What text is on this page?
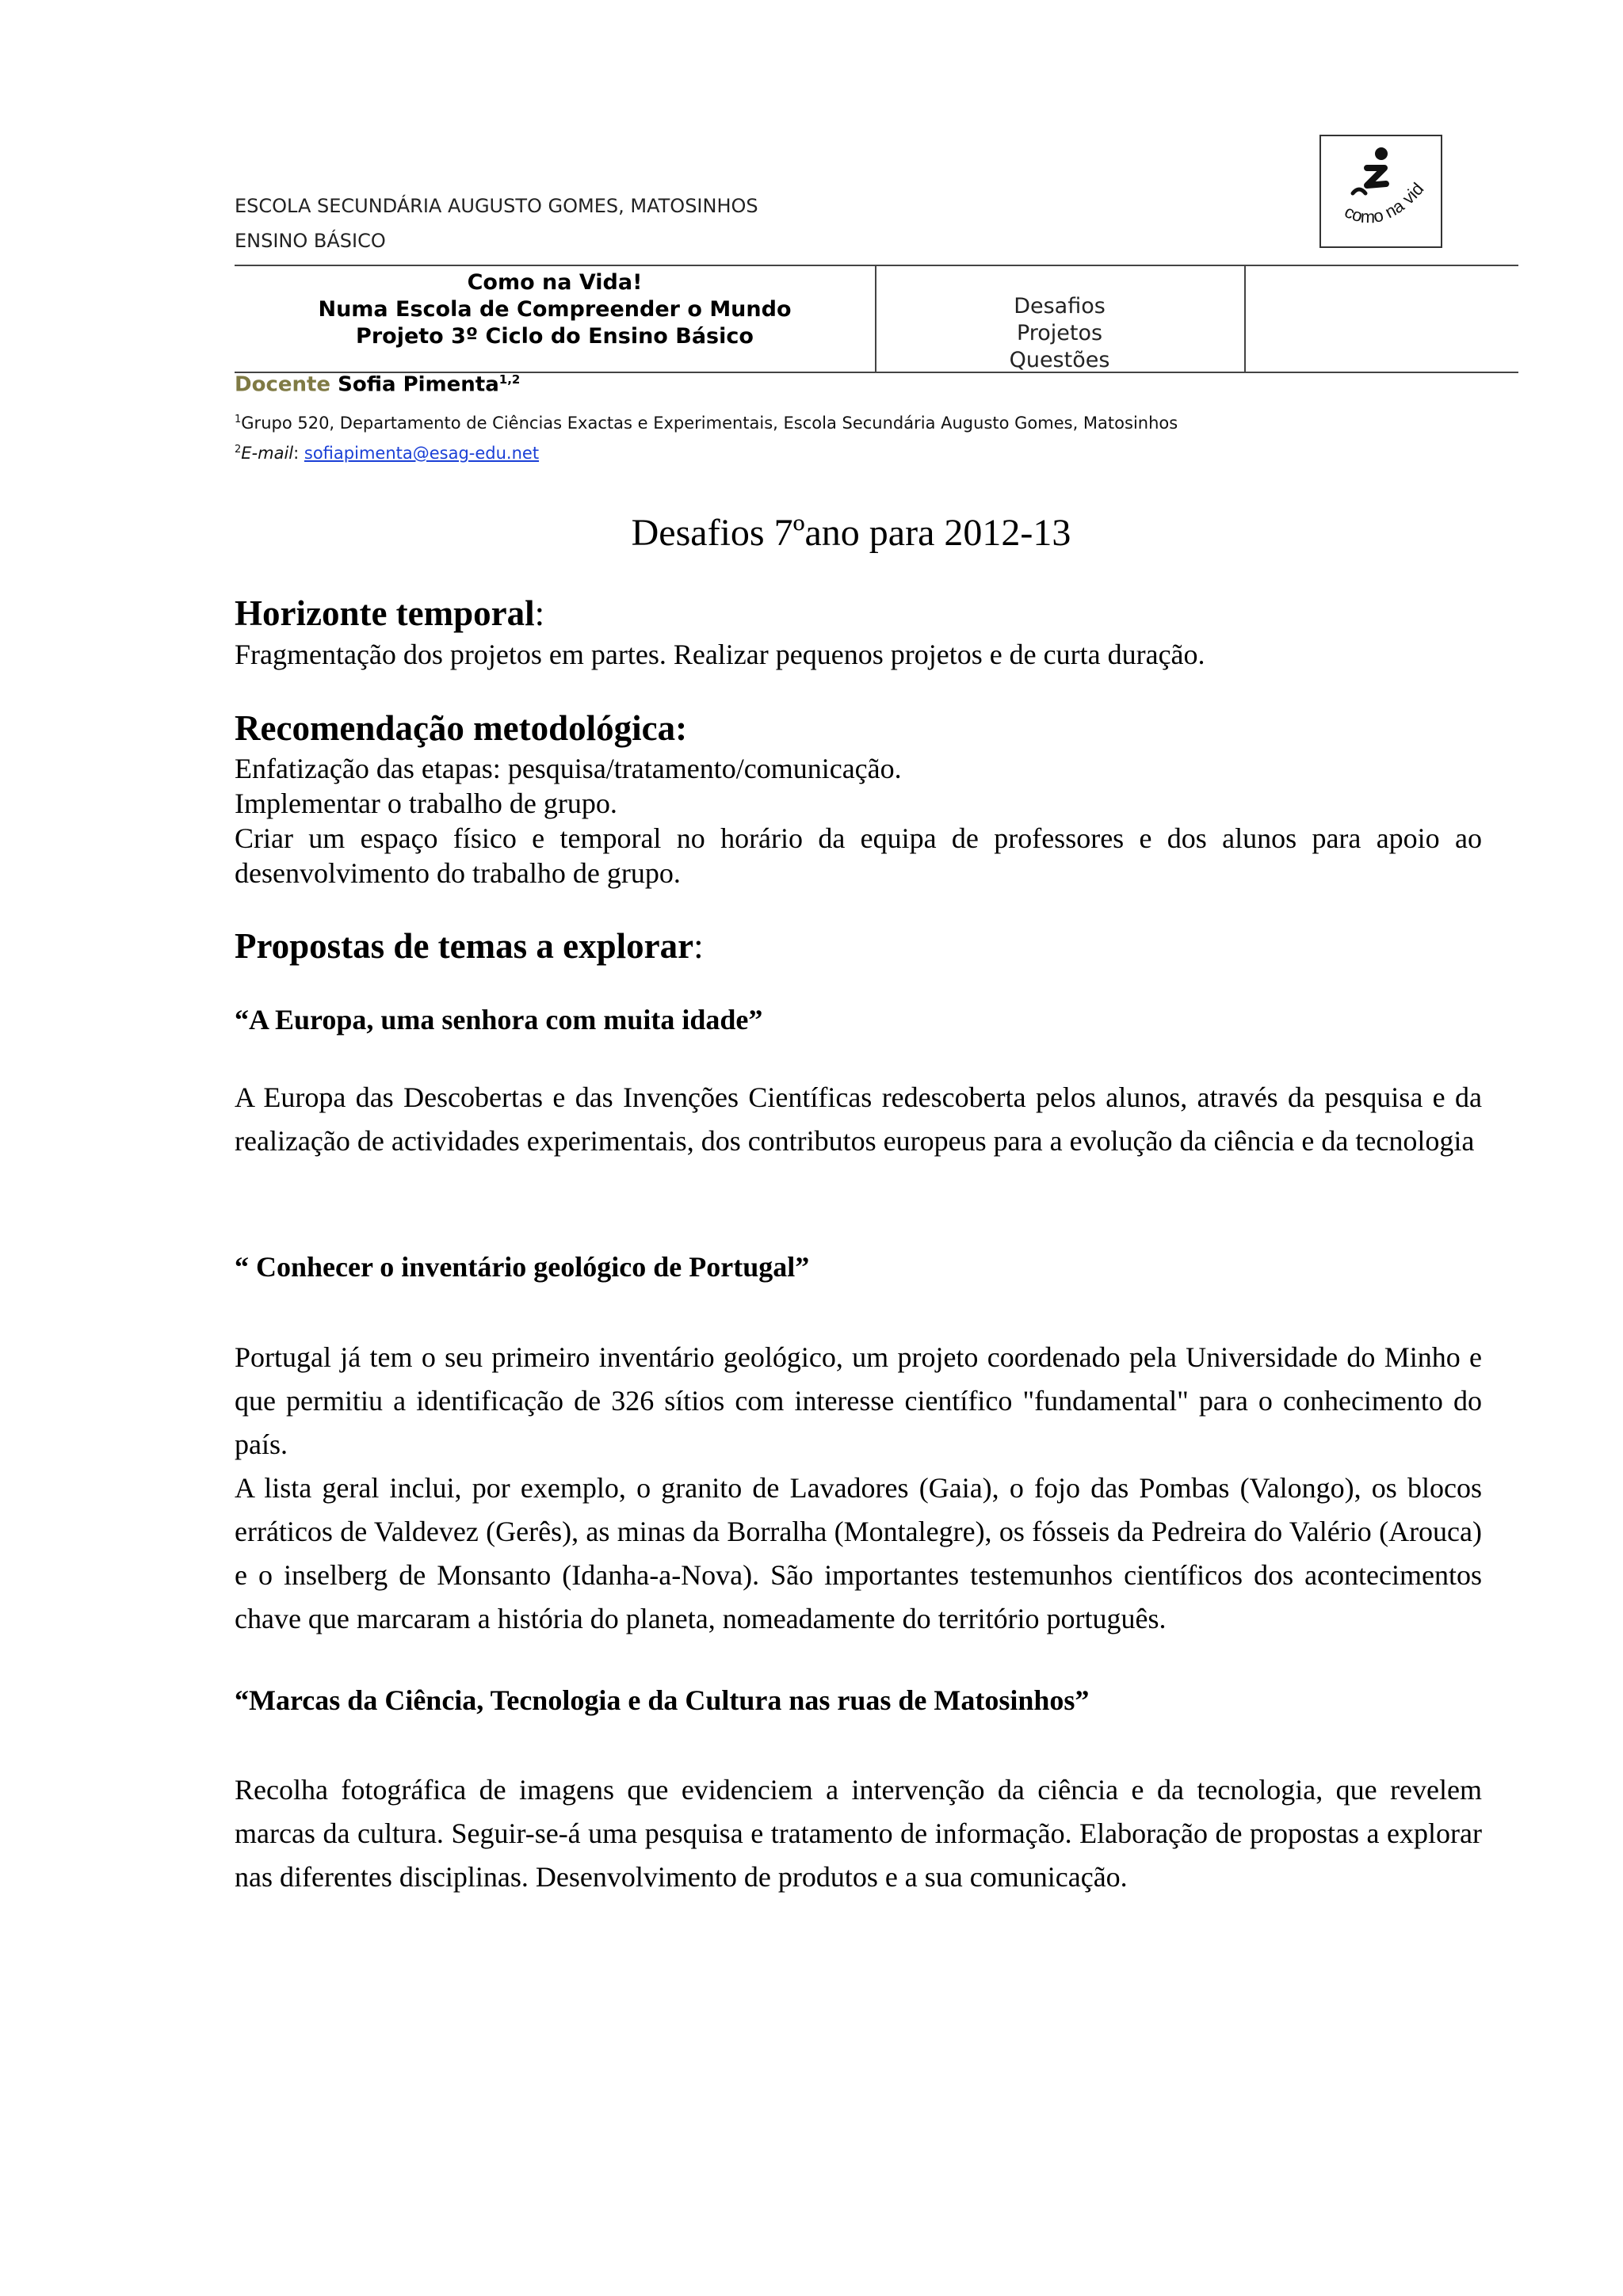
ESCOLA SECUNDÁRIA AUGUSTO GOMES, MATOSINHOS
ENSINO BÁSICO
como na vid
Como na Vida!
Numa Escola de Compreender o Mundo
Projeto 3º Ciclo do Ensino Básico
Desafios
Projetos
Questões
Docente Sofia Pimenta$^{1,2}$
$^1$Grupo 520, Departamento de Ciências Exactas e Experimentais, Escola Secundária Augusto Gomes, Matosinhos
$^2$E-mail: sofiapimenta@esag-edu.net
Desafios 7ºano para 2012-13
Horizonte temporal:
Fragmentação dos projetos em partes. Realizar pequenos projetos e de curta duração.
Recomendação metodológica:
Enfatização das etapas: pesquisa/tratamento/comunicação.
Implementar o trabalho de grupo.
Criar um espaço físico e temporal no horário da equipa de professores e dos alunos para apoio ao desenvolvimento do trabalho de grupo.
Propostas de temas a explorar:
“A Europa, uma senhora com muita idade”
A Europa das Descobertas e das Invenções Científicas redescoberta pelos alunos, através da pesquisa e da realização de actividades experimentais, dos contributos europeus para a evolução da ciência e da tecnologia
“ Conhecer o inventário geológico de Portugal”
Portugal já tem o seu primeiro inventário geológico, um projeto coordenado pela Universidade do Minho e que permitiu a identificação de 326 sítios com interesse científico "fundamental" para o conhecimento do país.
A lista geral inclui, por exemplo, o granito de Lavadores (Gaia), o fojo das Pombas (Valongo), os blocos erráticos de Valdevez (Gerês), as minas da Borralha (Montalegre), os fósseis da Pedreira do Valério (Arouca) e o inselberg de Monsanto (Idanha-a-Nova). São importantes testemunhos científicos dos acontecimentos chave que marcaram a história do planeta, nomeadamente do território português.
“Marcas da Ciência, Tecnologia e da Cultura nas ruas de Matosinhos”
Recolha fotográfica de imagens que evidenciem a intervenção da ciência e da tecnologia, que revelem marcas da cultura. Seguir-se-á uma pesquisa e tratamento de informação. Elaboração de propostas a explorar nas diferentes disciplinas. Desenvolvimento de produtos e a sua comunicação.
